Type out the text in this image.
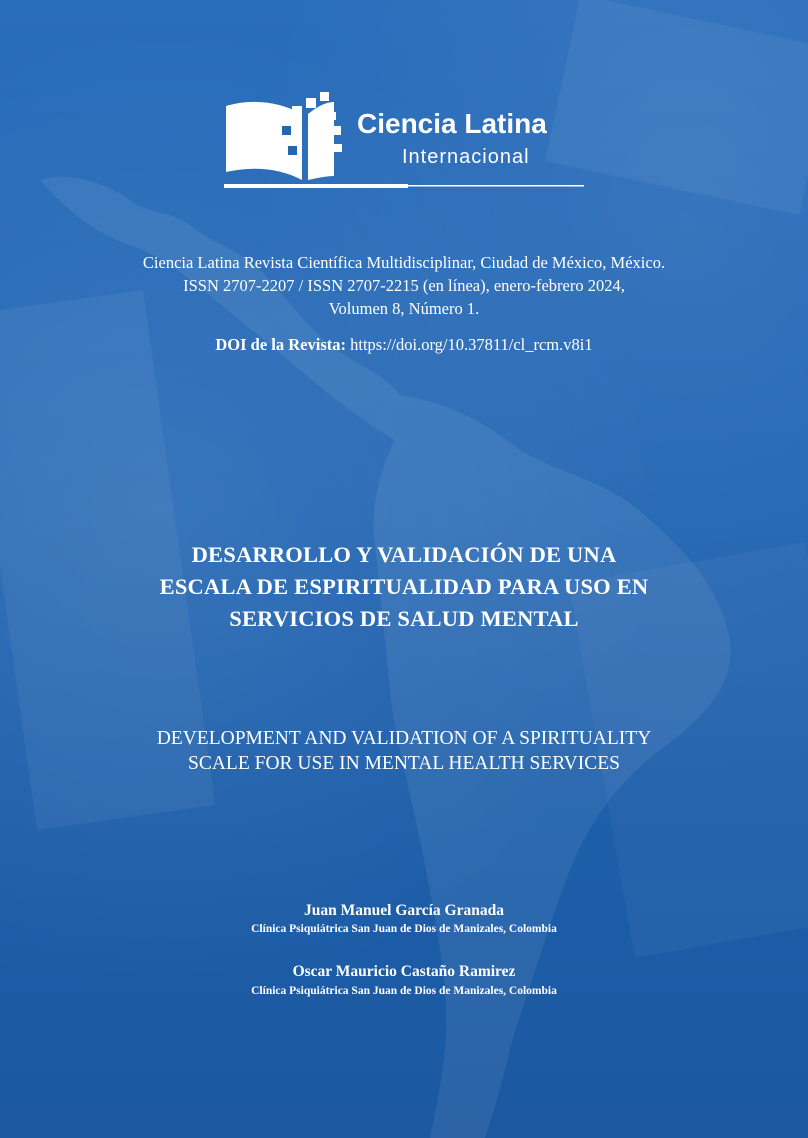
Ciencia Latina
Internacional
Ciencia Latina Revista Científica Multidisciplinar, Ciudad de México, México.
ISSN 2707-2207 / ISSN 2707-2215 (en línea), enero-febrero 2024,
Volumen 8, Número 1.
DOI de la Revista: https://doi.org/10.37811/cl_rcm.v8i1
DESARROLLO Y VALIDACIÓN DE UNA
ESCALA DE ESPIRITUALIDAD PARA USO EN
SERVICIOS DE SALUD MENTAL
DEVELOPMENT AND VALIDATION OF A SPIRITUALITY
SCALE FOR USE IN MENTAL HEALTH SERVICES
Juan Manuel García Granada
Clínica Psiquiátrica San Juan de Dios de Manizales, Colombia
Oscar Mauricio Castaño Ramirez
Clínica Psiquiátrica San Juan de Dios de Manizales, Colombia
